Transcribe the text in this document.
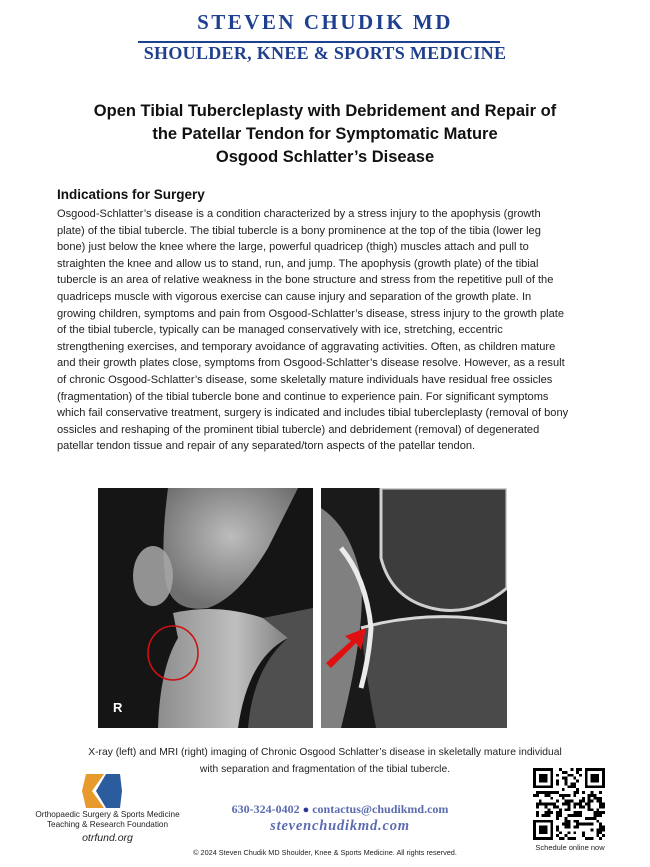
STEVEN CHUDIK MD
SHOULDER, KNEE & SPORTS MEDICINE
Open Tibial Tubercleplasty with Debridement and Repair of
the Patellar Tendon for Symptomatic Mature
Osgood Schlatter’s Disease
Indications for Surgery
Osgood-Schlatter’s disease is a condition characterized by a stress injury to the apophysis (growth plate) of the tibial tubercle. The tibial tubercle is a bony prominence at the top of the tibia (lower leg bone) just below the knee where the large, powerful quadricep (thigh) muscles attach and pull to straighten the knee and allow us to stand, run, and jump. The apophysis (growth plate) of the tibial tubercle is an area of relative weakness in the bone structure and stress from the repetitive pull of the quadriceps muscle with vigorous exercise can cause injury and separation of the growth plate. In growing children, symptoms and pain from Osgood-Schlatter’s disease, stress injury to the growth plate of the tibial tubercle, typically can be managed conservatively with ice, stretching, eccentric strengthening exercises, and temporary avoidance of aggravating activities. Often, as children mature and their growth plates close, symptoms from Osgood-Schlatter’s disease resolve. However, as a result of chronic Osgood-Schlatter’s disease, some skeletally mature individuals have residual free ossicles (fragmentation) of the tibial tubercle bone and continue to experience pain. For significant symptoms which fail conservative treatment, surgery is indicated and includes tibial tubercleplasty (removal of bony ossicles and reshaping of the prominent tibial tubercle) and debridement (removal) of degenerated patellar tendon tissue and repair of any separated/torn aspects of the patellar tendon.
R
X-ray (left) and MRI (right) imaging of Chronic Osgood Schlatter’s disease in skeletally mature individual
with separation and fragmentation of the tibial tubercle.
Orthopaedic Surgery & Sports Medicine
Teaching & Research Foundation
otrfund.org
630-324-0402 ● contactus@chudikmd.com
stevenchudikmd.com
Schedule online now
© 2024 Steven Chudik MD Shoulder, Knee & Sports Medicine. All rights reserved.
